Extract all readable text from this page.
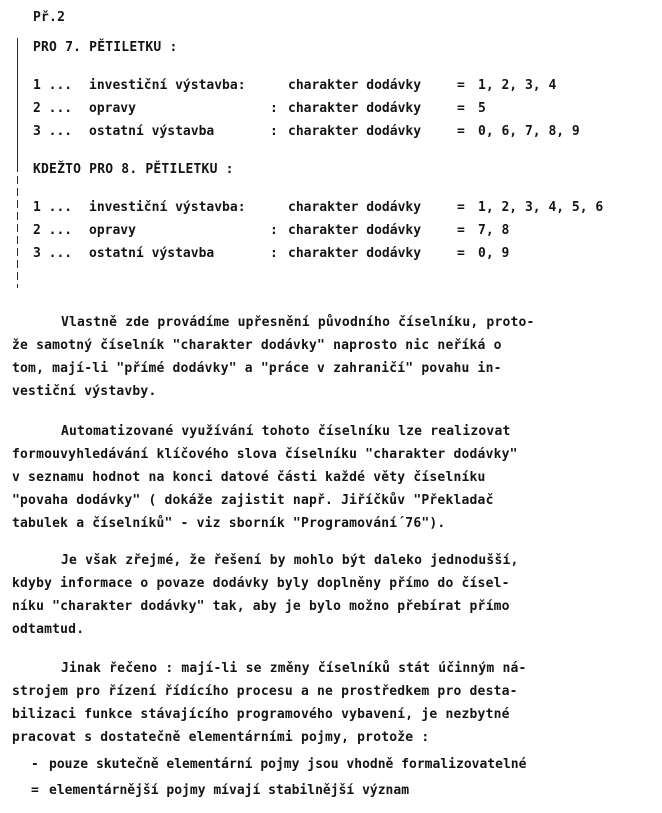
Př.2
PRO 7. PĚTILETKU :
1 ... investiční výstavba:	charakter dodávky	= 1, 2, 3, 4
2 ... opravy	: charakter dodávky	= 5
3 ... ostatní výstavba	: charakter dodávky	= 0, 6, 7, 8, 9
KDEŽTO PRO 8. PĚTILETKU :
1 ... investiční výstavba:	charakter dodávky	= 1, 2, 3, 4, 5, 6
2 ... opravy	: charakter dodávky	= 7, 8
3 ... ostatní výstavba	: charakter dodávky	= 0, 9
Vlastně zde provádíme upřesnění původního číselníku, proto-
že samotný číselník "charakter dodávky" naprosto nic neříká o
tom, mají-li "přímé dodávky" a "práce v zahraničí" povahu in-
vestiční výstavby.
Automatizované využívání tohoto číselníku lze realizovat
formouvyhledávání klíčového slova číselníku "charakter dodávky"
v seznamu hodnot na konci datové části každé věty číselníku
"povaha dodávky" ( dokáže zajistit např. Jiříčkův "Překladač
tabulek a číselníků" - viz sborník "Programování´76").
Je však zřejmé, že řešení by mohlo být daleko jednodušší,
kdyby informace o povaze dodávky byly doplněny přímo do čísel-
níku "charakter dodávky" tak, aby je bylo možno přebírat přímo
odtamtud.
Jinak řečeno : mají-li se změny číselníků stát účinným ná-
strojem pro řízení řídícího procesu a ne prostředkem pro desta-
bilizaci funkce stávajícího programového vybavení, je nezbytné
pracovat s dostatečně elementárními pojmy, protože :
- pouze skutečně elementární pojmy jsou vhodně formalizovatelné
= elementárnější pojmy mívají stabilnější význam
